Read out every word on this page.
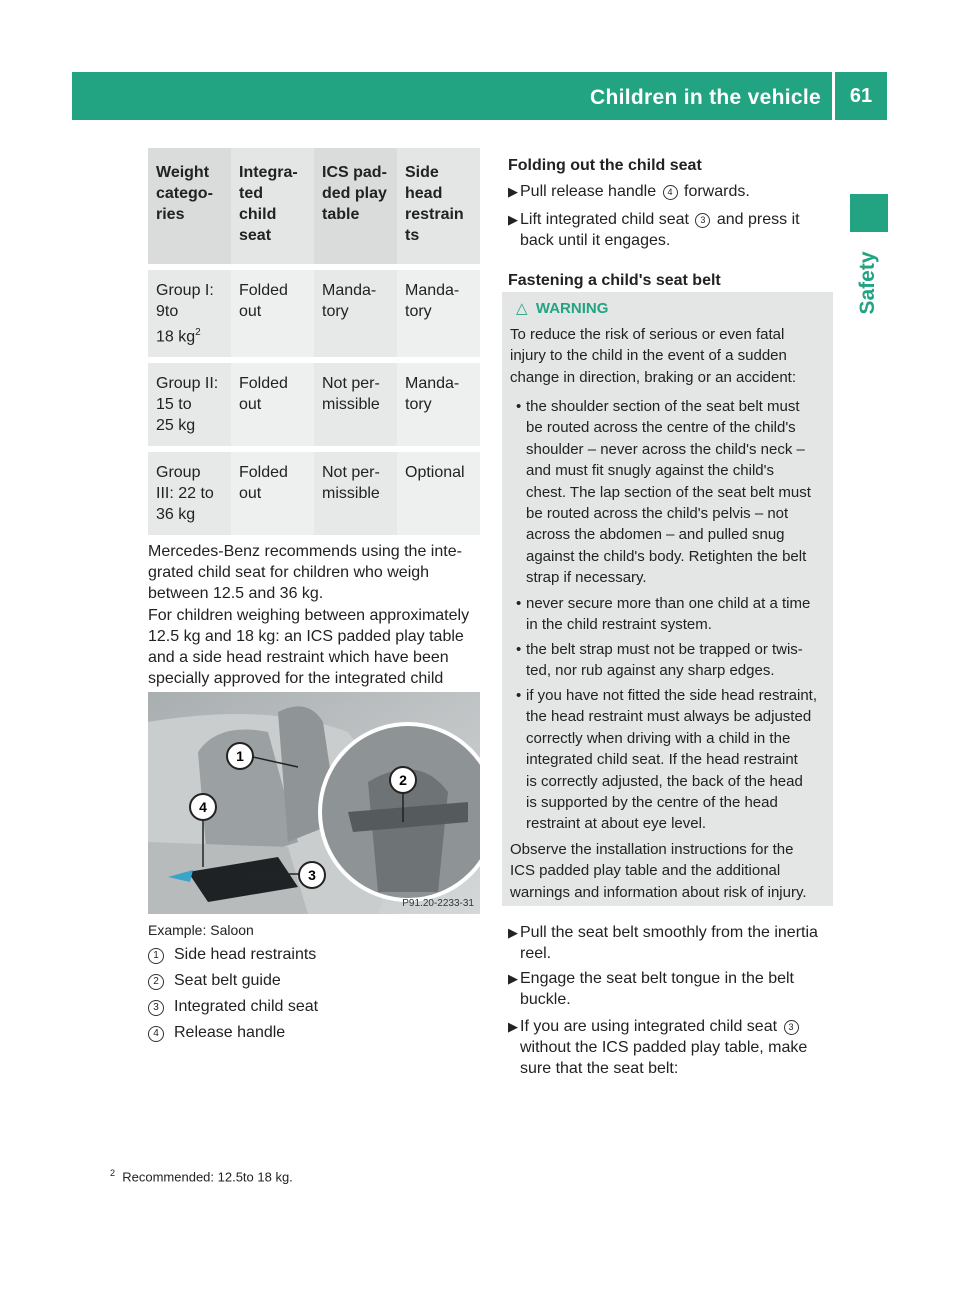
Children in the vehicle	61
Safety
Weight
catego-
ries	Integra-
ted
child
seat	ICS pad-
ded play
table	Side
head
restrain
ts

Group I:
9to
18 $kg^2$	Folded
out	Manda-
tory	Manda-
tory

Group II:
15 to
25 kg	Folded
out	Not per-
missible	Manda-
tory

Group
III: 22 to
36 kg	Folded
out	Not per-
missible	Optional
Mercedes-Benz recommends using the inte-
grated child seat for children who weigh
between 12.5 and 36 kg.
For children weighing between approximately
12.5 kg and 18 kg: an ICS padded play table
and a side head restraint which have been
specially approved for the integrated child
1
2
3
4
P91.20-2233-31
Example: Saloon
1 Side head restraints
2 Seat belt guide
3 Integrated child seat
4 Release handle
Folding out the child seat
▶ Pull release handle 4 forwards.
▶ Lift integrated child seat 3 and press it
back until it engages.
Fastening a child's seat belt
△ WARNING
To reduce the risk of serious or even fatal
injury to the child in the event of a sudden
change in direction, braking or an accident:
• the shoulder section of the seat belt must
be routed across the centre of the child's
shoulder – never across the child's neck –
and must fit snugly against the child's
chest. The lap section of the seat belt must
be routed across the child's pelvis – not
across the abdomen – and pulled snug
against the child's body. Retighten the belt
strap if necessary.
• never secure more than one child at a time
in the child restraint system.
• the belt strap must not be trapped or twis-
ted, nor rub against any sharp edges.
• if you have not fitted the side head restraint,
the head restraint must always be adjusted
correctly when driving with a child in the
integrated child seat. If the head restraint
is correctly adjusted, the back of the head
is supported by the centre of the head
restraint at about eye level.
Observe the installation instructions for the
ICS padded play table and the additional
warnings and information about risk of injury.
▶ Pull the seat belt smoothly from the inertia
reel.
▶ Engage the seat belt tongue in the belt
buckle.
▶ If you are using integrated child seat 3
without the ICS padded play table, make
sure that the seat belt:
$^2$ Recommended: 12.5to 18 kg.
